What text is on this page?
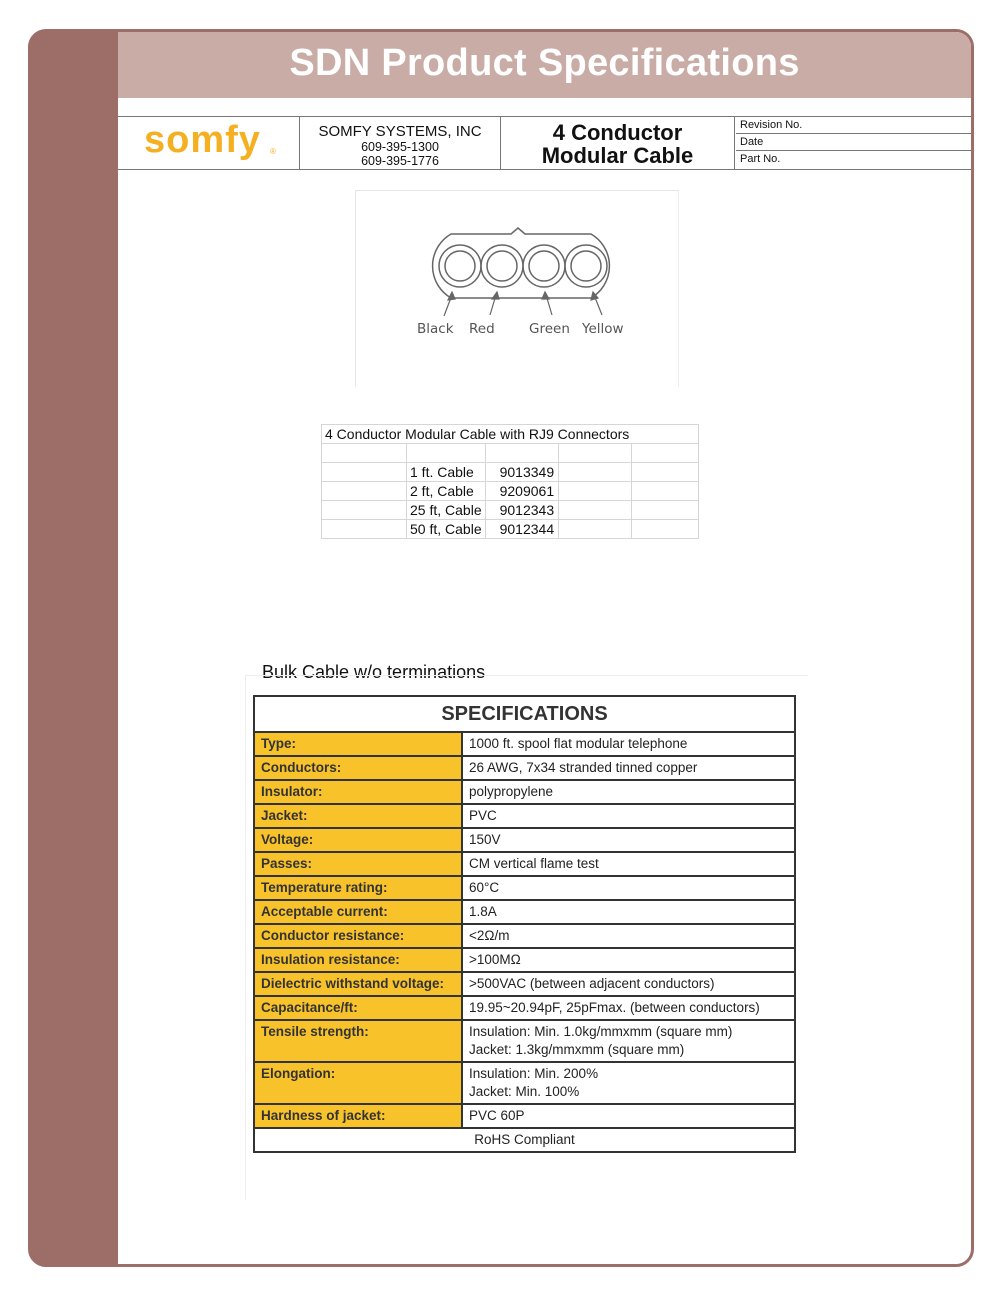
SDN Product Specifications
somfy ®
SOMFY SYSTEMS, INC
609-395-1300
609-395-1776
4 Conductor
Modular Cable
Revision No.
Date
Part No.
Black Red	Green Yellow
4 Conductor Modular Cable with RJ9 Connectors				

	1 ft. Cable	9013349		
	2 ft, Cable	9209061		
	25 ft, Cable	9012343		
	50 ft, Cable	9012344		
Bulk Cable w/o terminations
SPECIFICATIONS	
Type:	1000 ft. spool flat modular telephone
Conductors:	26 AWG, 7x34 stranded tinned copper
Insulator:	polypropylene
Jacket:	PVC
Voltage:	150V
Passes:	CM vertical flame test
Temperature rating:	60°C
Acceptable current:	1.8A
Conductor resistance:	<2Ω/m
Insulation resistance:	>100MΩ
Dielectric withstand voltage:	>500VAC (between adjacent conductors)
Capacitance/ft:	19.95~20.94pF, 25pFmax. (between conductors)
Tensile strength:	Insulation: Min. 1.0kg/mmxmm (square mm)
Jacket: 1.3kg/mmxmm (square mm)

Elongation:	Insulation: Min. 200%
Jacket: Min. 100%

Hardness of jacket:	PVC 60P
RoHS Compliant	
